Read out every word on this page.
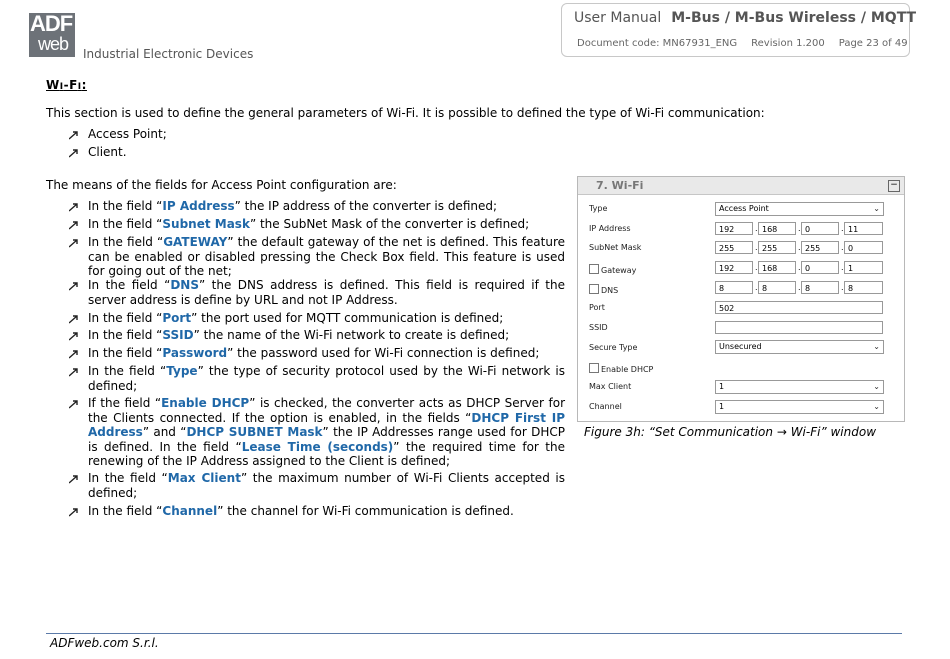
ADF
web Industrial Electronic Devices
User Manual M-Bus / M-Bus Wireless / MQTT
Document code: MN67931_ENG Revision 1.200 Page 23 of 49
WI-FI:
This section is used to define the general parameters of Wi-Fi. It is possible to defined the type of Wi-Fi communication:
Access Point;
Client.
The means of the fields for Access Point configuration are:
In the field “IP Address” the IP address of the converter is defined;
In the field “Subnet Mask” the SubNet Mask of the converter is defined;
In the field “GATEWAY” the default gateway of the net is defined. This feature can be enabled or disabled pressing the Check Box field. This feature is used for going out of the net;
In the field “DNS” the DNS address is defined. This field is required if the server address is define by URL and not IP Address.
In the field “Port” the port used for MQTT communication is defined;
In the field “SSID” the name of the Wi-Fi network to create is defined;
In the field “Password” the password used for Wi-Fi connection is defined;
In the field “Type” the type of security protocol used by the Wi-Fi network is defined;
If the field “Enable DHCP” is checked, the converter acts as DHCP Server for the Clients connected. If the option is enabled, in the fields “DHCP First IP Address” and “DHCP SUBNET Mask” the IP Addresses range used for DHCP is defined. In the field “Lease Time (seconds)” the required time for the renewing of the IP Address assigned to the Client is defined;
In the field “Max Client” the maximum number of Wi-Fi Clients accepted is defined;
In the field “Channel” the channel for Wi-Fi communication is defined.
7. Wi-Fi	−
Type	Access Point	⌄
IP Address	192	. 168	. 0	. 11
SubNet Mask	255	. 255	. 255	. 0
Gateway	192	. 168	. 0	. 1
DNS	8	. 8	. 8	. 8
Port	502
SSID
Secure Type	Unsecured	⌄
Enable DHCP
Max Client	1	⌄
Channel	1	⌄
Figure 3h: “Set Communication → Wi-Fi” window
ADFweb.com S.r.l.
